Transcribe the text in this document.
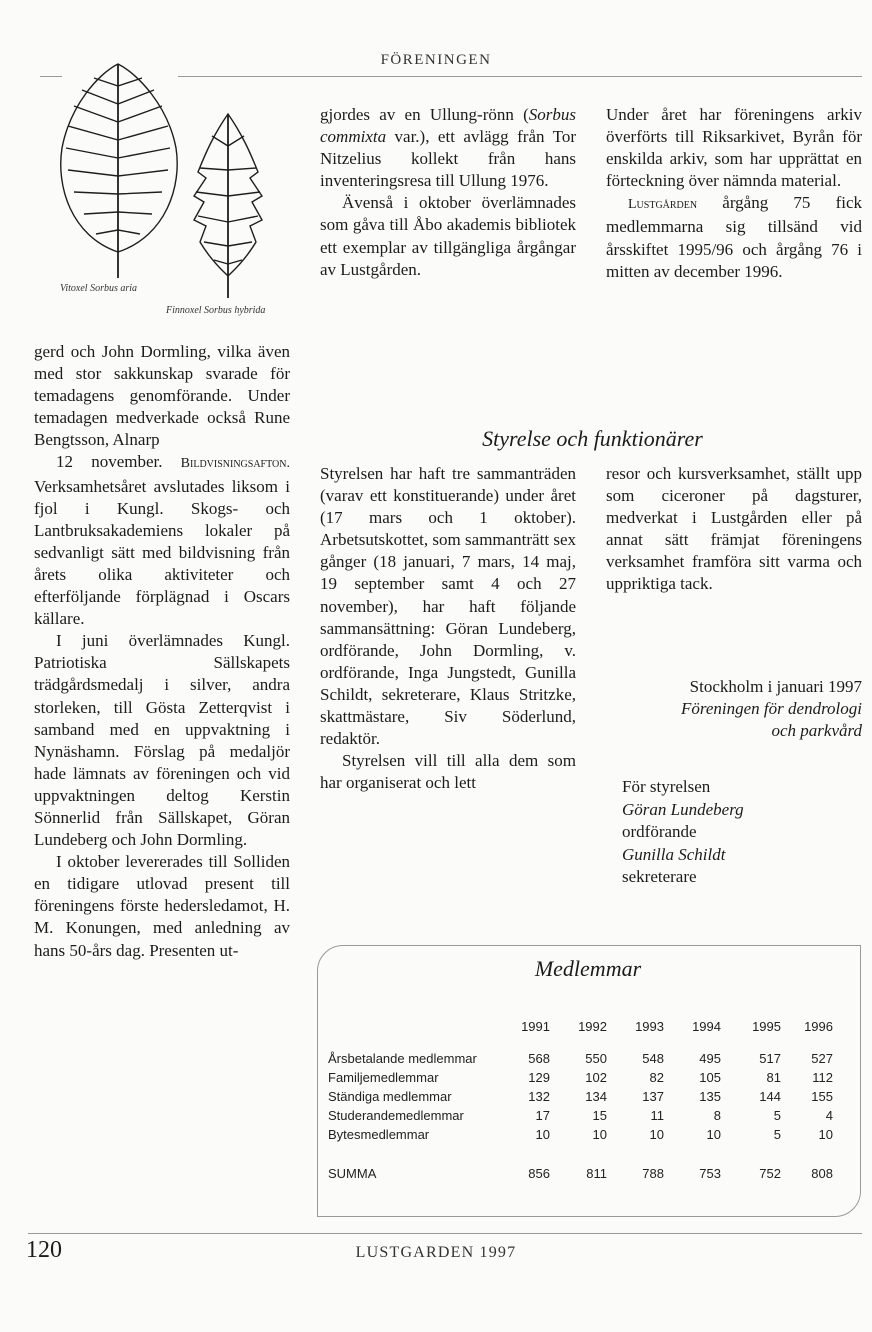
FÖRENINGEN
Vitoxel Sorbus aria
Finnoxel Sorbus hybrida

gerd och John Dormling, vilka även med stor sakkunskap svarade för temadagens genomförande. Under temadagen medverkade också Rune Bengtsson, Alnarp

12 november. Bildvisningsafton. Verksamhetsåret avslutades liksom i fjol i Kungl. Skogs- och Lantbruksakademiens lokaler på sedvanligt sätt med bildvisning från årets olika aktiviteter och efterföljande förplägnad i Oscars källare.

I juni överlämnades Kungl. Patriotiska Sällskapets trädgårdsmedalj i silver, andra storleken, till Gösta Zetterqvist i samband med en uppvaktning i Nynäshamn. Förslag på medaljör hade lämnats av föreningen och vid uppvaktningen deltog Kerstin Sönnerlid från Sällskapet, Göran Lundeberg och John Dormling.

I oktober levererades till Solliden en tidigare utlovad present till föreningens förste hedersledamot, H. M. Konungen, med anledning av hans 50-års dag. Presenten ut-

gjordes av en Ullung-rönn (Sorbus commixta var.), ett avlägg från Tor Nitzelius kollekt från hans inventeringsresa till Ullung 1976.

Ävenså i oktober överlämnades som gåva till Åbo akademis bibliotek ett exemplar av tillgängliga årgångar av Lustgården.

Under året har föreningens arkiv överförts till Riksarkivet, Byrån för enskilda arkiv, som har upprättat en förteckning över nämnda material.

Lustgården årgång 75 fick medlemmarna sig tillsänd vid årsskiftet 1995/96 och årgång 76 i mitten av december 1996.

Styrelse och funktionärer

Styrelsen har haft tre sammanträden (varav ett konstituerande) under året (17 mars och 1 oktober). Arbetsutskottet, som sammanträtt sex gånger (18 januari, 7 mars, 14 maj, 19 september samt 4 och 27 november), har haft följande sammansättning: Göran Lundeberg, ordförande, John Dormling, v. ordförande, Inga Jungstedt, Gunilla Schildt, sekreterare, Klaus Stritzke, skattmästare, Siv Söderlund, redaktör.

Styrelsen vill till alla dem som har organiserat och lett

resor och kursverksamhet, ställt upp som ciceroner på dagsturer, medverkat i Lustgården eller på annat sätt främjat föreningens verksamhet framföra sitt varma och uppriktiga tack.

Stockholm i januari 1997
Föreningen för dendrologi
och parkvård
För styrelsen
Göran Lundeberg
ordförande
Gunilla Schildt
sekreterare
Medlemmar
	1991	1992	1993	1994	1995	1996

Årsbetalande medlemmar	568	550	548	495	517	527
Familjemedlemmar	129	102	82	105	81	112
Ständiga medlemmar	132	134	137	135	144	155
Studerandemedlemmar	17	15	11	8	5	4
Bytesmedlemmar	10	10	10	10	5	10

SUMMA	856	811	788	753	752	808
120	LUSTGARDEN 1997
